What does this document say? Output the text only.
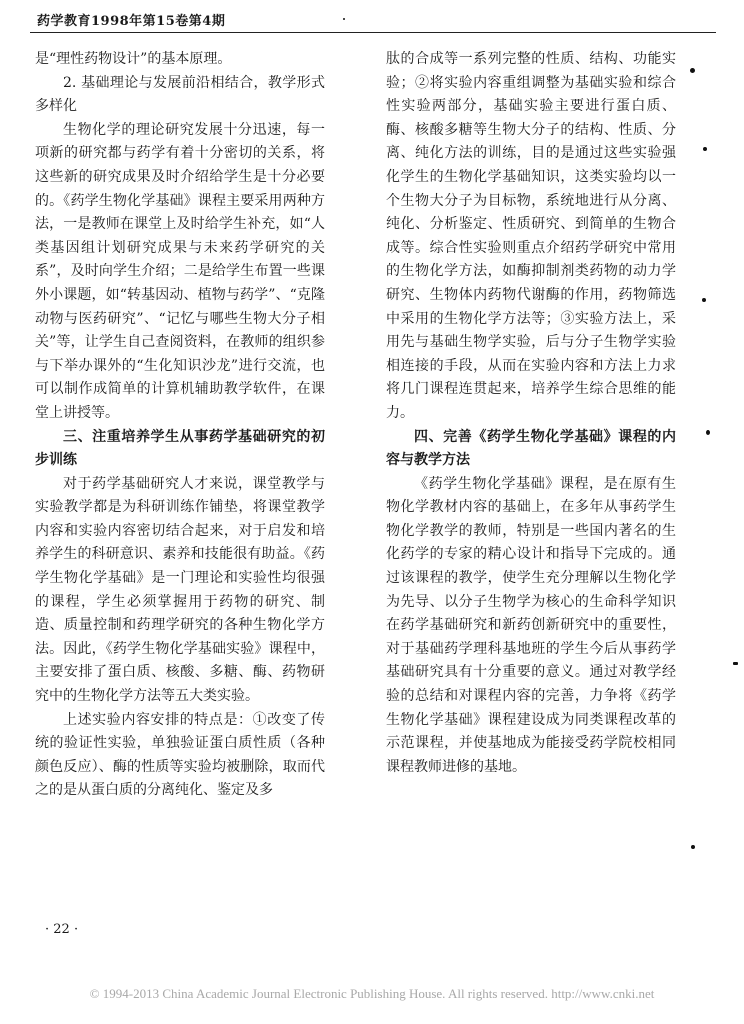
药学教育1998年第15卷第4期

是“理性药物设计”的基本原理。

2. 基础理论与发展前沿相结合，教学形式多样化

生物化学的理论研究发展十分迅速，每一项新的研究都与药学有着十分密切的关系，将这些新的研究成果及时介绍给学生是十分必要的。《药学生物化学基础》课程主要采用两种方法，一是教师在课堂上及时给学生补充，如“人类基因组计划研究成果与未来药学研究的关系”，及时向学生介绍；二是给学生布置一些课外小课题，如“转基因动、植物与药学”、“克隆动物与医药研究”、“记忆与哪些生物大分子相关”等，让学生自己查阅资料，在教师的组织参与下举办课外的“生化知识沙龙”进行交流，也可以制作成简单的计算机辅助教学软件，在课堂上讲授等。

三、注重培养学生从事药学基础研究的初步训练

对于药学基础研究人才来说，课堂教学与实验教学都是为科研训练作铺垫，将课堂教学内容和实验内容密切结合起来，对于启发和培养学生的科研意识、素养和技能很有助益。《药学生物化学基础》是一门理论和实验性均很强的课程，学生必须掌握用于药物的研究、制造、质量控制和药理学研究的各种生物化学方法。因此，《药学生物化学基础实验》课程中，主要安排了蛋白质、核酸、多糖、酶、药物研究中的生物化学方法等五大类实验。

上述实验内容安排的特点是：①改变了传统的验证性实验，单独验证蛋白质性质（各种颜色反应）、酶的性质等实验均被删除，取而代之的是从蛋白质的分离纯化、鉴定及多

肽的合成等一系列完整的性质、结构、功能实验；②将实验内容重组调整为基础实验和综合性实验两部分，基础实验主要进行蛋白质、酶、核酸多糖等生物大分子的结构、性质、分离、纯化方法的训练，目的是通过这些实验强化学生的生物化学基础知识，这类实验均以一个生物大分子为目标物，系统地进行从分离、纯化、分析鉴定、性质研究、到简单的生物合成等。综合性实验则重点介绍药学研究中常用的生物化学方法，如酶抑制剂类药物的动力学研究、生物体内药物代谢酶的作用，药物筛选中采用的生物化学方法等；③实验方法上，采用先与基础生物学实验，后与分子生物学实验相连接的手段，从而在实验内容和方法上力求将几门课程连贯起来，培养学生综合思维的能力。

四、完善《药学生物化学基础》课程的内容与教学方法

《药学生物化学基础》课程，是在原有生物化学教材内容的基础上，在多年从事药学生物化学教学的教师，特别是一些国内著名的生化药学的专家的精心设计和指导下完成的。通过该课程的教学，使学生充分理解以生物化学为先导、以分子生物学为核心的生命科学知识在药学基础研究和新药创新研究中的重要性，对于基础药学理科基地班的学生今后从事药学基础研究具有十分重要的意义。通过对教学经验的总结和对课程内容的完善，力争将《药学生物化学基础》课程建设成为同类课程改革的示范课程，并使基地成为能接受药学院校相同课程教师进修的基地。

· 22 ·
© 1994-2013 China Academic Journal Electronic Publishing House. All rights reserved. http://www.cnki.net
